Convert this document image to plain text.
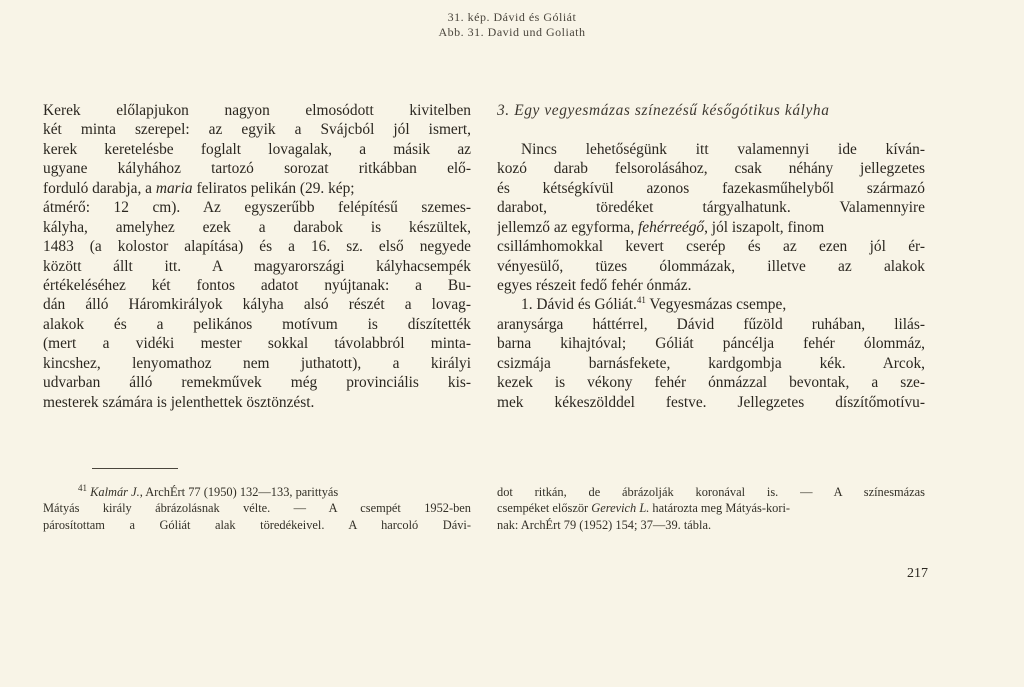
31. kép. Dávid és Góliát
Abb. 31. David und Goliath
Kerek előlapjukon nagyon elmosódott kivitelben
két minta szerepel: az egyik a Svájcból jól ismert,
kerek keretelésbe foglalt lovagalak, a másik az
ugyane kályhához tartozó sorozat ritkábban elő-
forduló darabja, a maria feliratos pelikán (29. kép;
átmérő: 12 cm). Az egyszerűbb felépítésű szemes-
kályha, amelyhez ezek a darabok is készültek,
1483 (a kolostor alapítása) és a 16. sz. első negyede
között állt itt. A magyarországi kályhacsempék
értékeléséhez két fontos adatot nyújtanak: a Bu-
dán álló Háromkirályok kályha alsó részét a lovag-
alakok és a pelikános motívum is díszítették
(mert a vidéki mester sokkal távolabbról minta-
kincshez, lenyomathoz nem juthatott), a királyi
udvarban álló remekművek még provinciális kis-
mesterek számára is jelenthettek ösztönzést.
3. Egy vegyesmázas színezésű későgótikus kályha
Nincs lehetőségünk itt valamennyi ide kíván-
kozó darab felsorolásához, csak néhány jellegzetes
és kétségkívül azonos fazekasműhelyből származó
darabot, töredéket tárgyalhatunk. Valamennyire
jellemző az egyforma, fehérreégő, jól iszapolt, finom
csillámhomokkal kevert cserép és az ezen jól ér-
vényesülő, tüzes ólommázak, illetve az alakok
egyes részeit fedő fehér ónmáz.
1. Dávid és Góliát.$^{41}$ Vegyesmázas csempe,
aranysárga háttérrel, Dávid fűzöld ruhában, lilás-
barna kihajtóval; Góliát páncélja fehér ólommáz,
csizmája barnásfekete, kardgombja kék. Arcok,
kezek is vékony fehér ónmázzal bevontak, a sze-
mek kékeszölddel festve. Jellegzetes díszítőmotívu-
$^{41}$ Kalmár J., ArchÉrt 77 (1950) 132—133, parittyás
Mátyás király ábrázolásnak vélte. — A csempét 1952-ben
párosítottam a Góliát alak töredékeivel. A harcoló Dávi-
dot ritkán, de ábrázolják koronával is. — A színesmázas
csempéket először Gerevich L. határozta meg Mátyás-kori-
nak: ArchÉrt 79 (1952) 154; 37—39. tábla.
217
